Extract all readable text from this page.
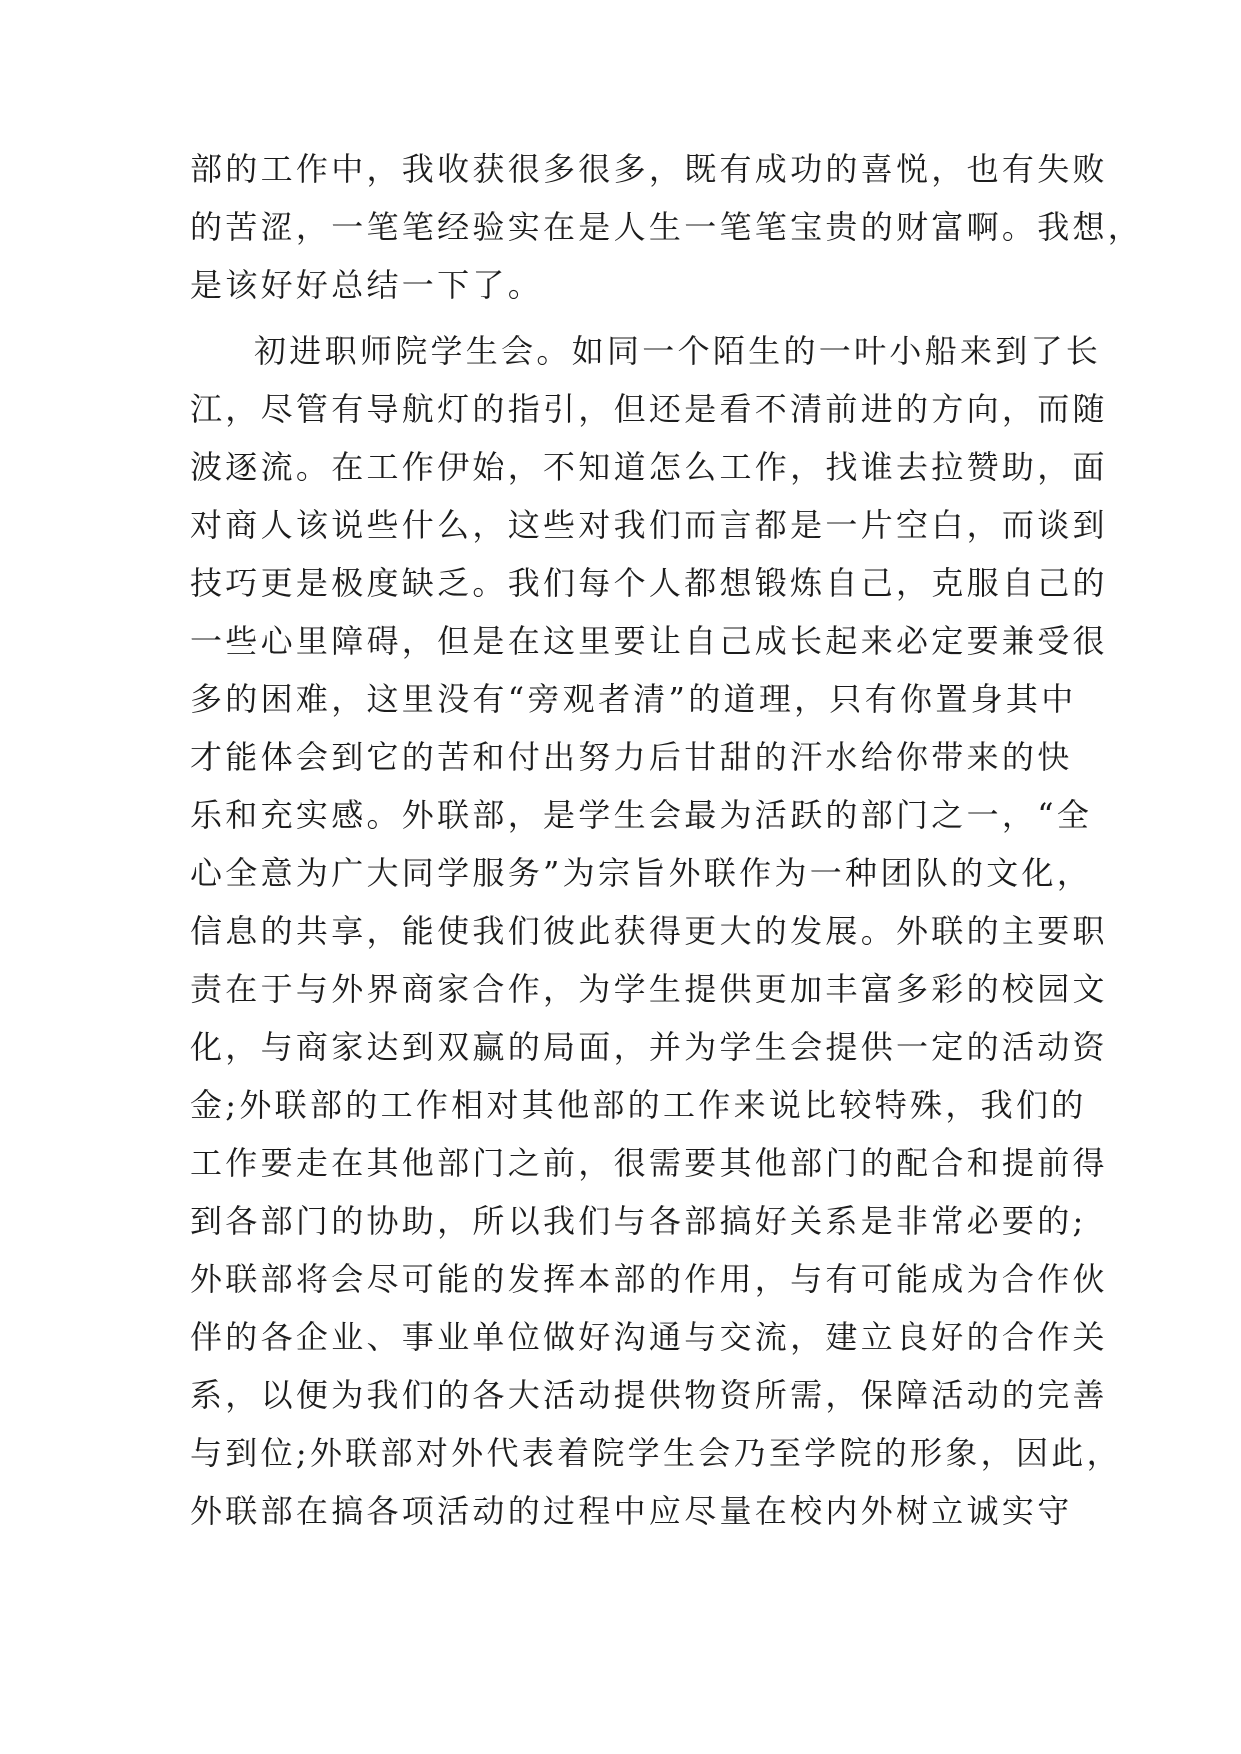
部的工作中，我收获很多很多，既有成功的喜悦，也有失败
的苦涩，一笔笔经验实在是人生一笔笔宝贵的财富啊。我想，
是该好好总结一下了。
初进职师院学生会。如同一个陌生的一叶小船来到了长
江，尽管有导航灯的指引，但还是看不清前进的方向，而随
波逐流。在工作伊始，不知道怎么工作，找谁去拉赞助，面
对商人该说些什么，这些对我们而言都是一片空白，而谈到
技巧更是极度缺乏。我们每个人都想锻炼自己，克服自己的
一些心里障碍，但是在这里要让自己成长起来必定要兼受很
多的困难，这里没有“旁观者清”的道理，只有你置身其中
才能体会到它的苦和付出努力后甘甜的汗水给你带来的快
乐和充实感。外联部，是学生会最为活跃的部门之一，“全
心全意为广大同学服务”为宗旨外联作为一种团队的文化，
信息的共享，能使我们彼此获得更大的发展。外联的主要职
责在于与外界商家合作，为学生提供更加丰富多彩的校园文
化，与商家达到双赢的局面，并为学生会提供一定的活动资
金;外联部的工作相对其他部的工作来说比较特殊，我们的
工作要走在其他部门之前，很需要其他部门的配合和提前得
到各部门的协助，所以我们与各部搞好关系是非常必要的;
外联部将会尽可能的发挥本部的作用，与有可能成为合作伙
伴的各企业、事业单位做好沟通与交流，建立良好的合作关
系，以便为我们的各大活动提供物资所需，保障活动的完善
与到位;外联部对外代表着院学生会乃至学院的形象，因此，
外联部在搞各项活动的过程中应尽量在校内外树立诚实守
